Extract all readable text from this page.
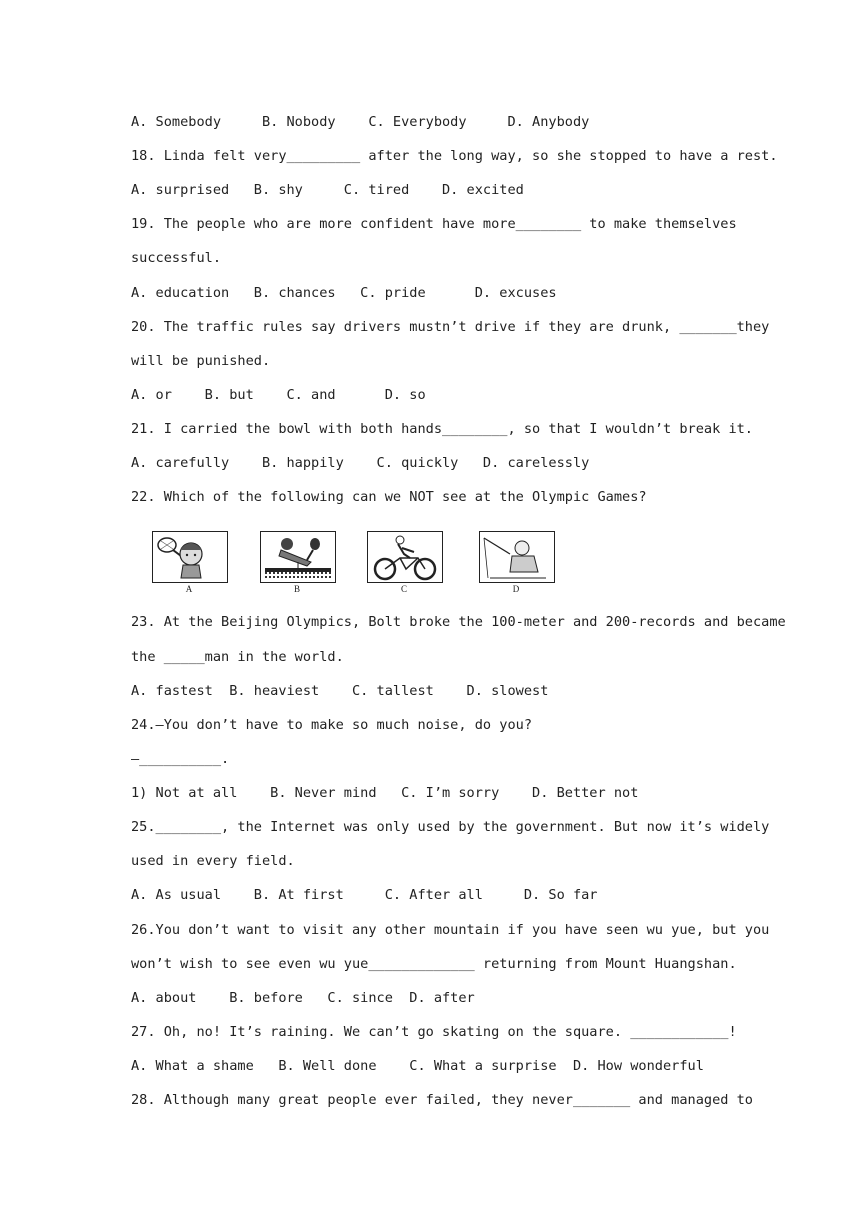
A. Somebody     B. Nobody    C. Everybody     D. Anybody
18. Linda felt very_________ after the long way, so she stopped to have a rest.
A. surprised   B. shy     C. tired    D. excited
19. The people who are more confident have more________ to make themselves
successful.
A. education   B. chances   C. pride      D. excuses
20. The traffic rules say drivers mustn’t drive if they are drunk, _______they
will be punished.
A. or    B. but    C. and      D. so
21. I carried the bowl with both hands________, so that I wouldn’t break it.
A. carefully    B. happily    C. quickly   D. carelessly
22. Which of the following can we NOT see at the Olympic Games?
23. At the Beijing Olympics, Bolt broke the 100-meter and 200-records and became
the _____man in the world.
A. fastest  B. heaviest    C. tallest    D. slowest
24.—You don’t have to make so much noise, do you?
—__________.
1) Not at all    B. Never mind   C. I’m sorry    D. Better not
25.________, the Internet was only used by the government. But now it’s widely
used in every field.
A. As usual    B. At first     C. After all     D. So far
26.You don’t want to visit any other mountain if you have seen wu yue, but you
won’t wish to see even wu yue_____________ returning from Mount Huangshan.
A. about    B. before   C. since  D. after
27. Oh, no! It’s raining. We can’t go skating on the square. ____________!
A. What a shame   B. Well done    C. What a surprise  D. How wonderful
28. Although many great people ever failed, they never_______ and managed to
A	B	C	D
